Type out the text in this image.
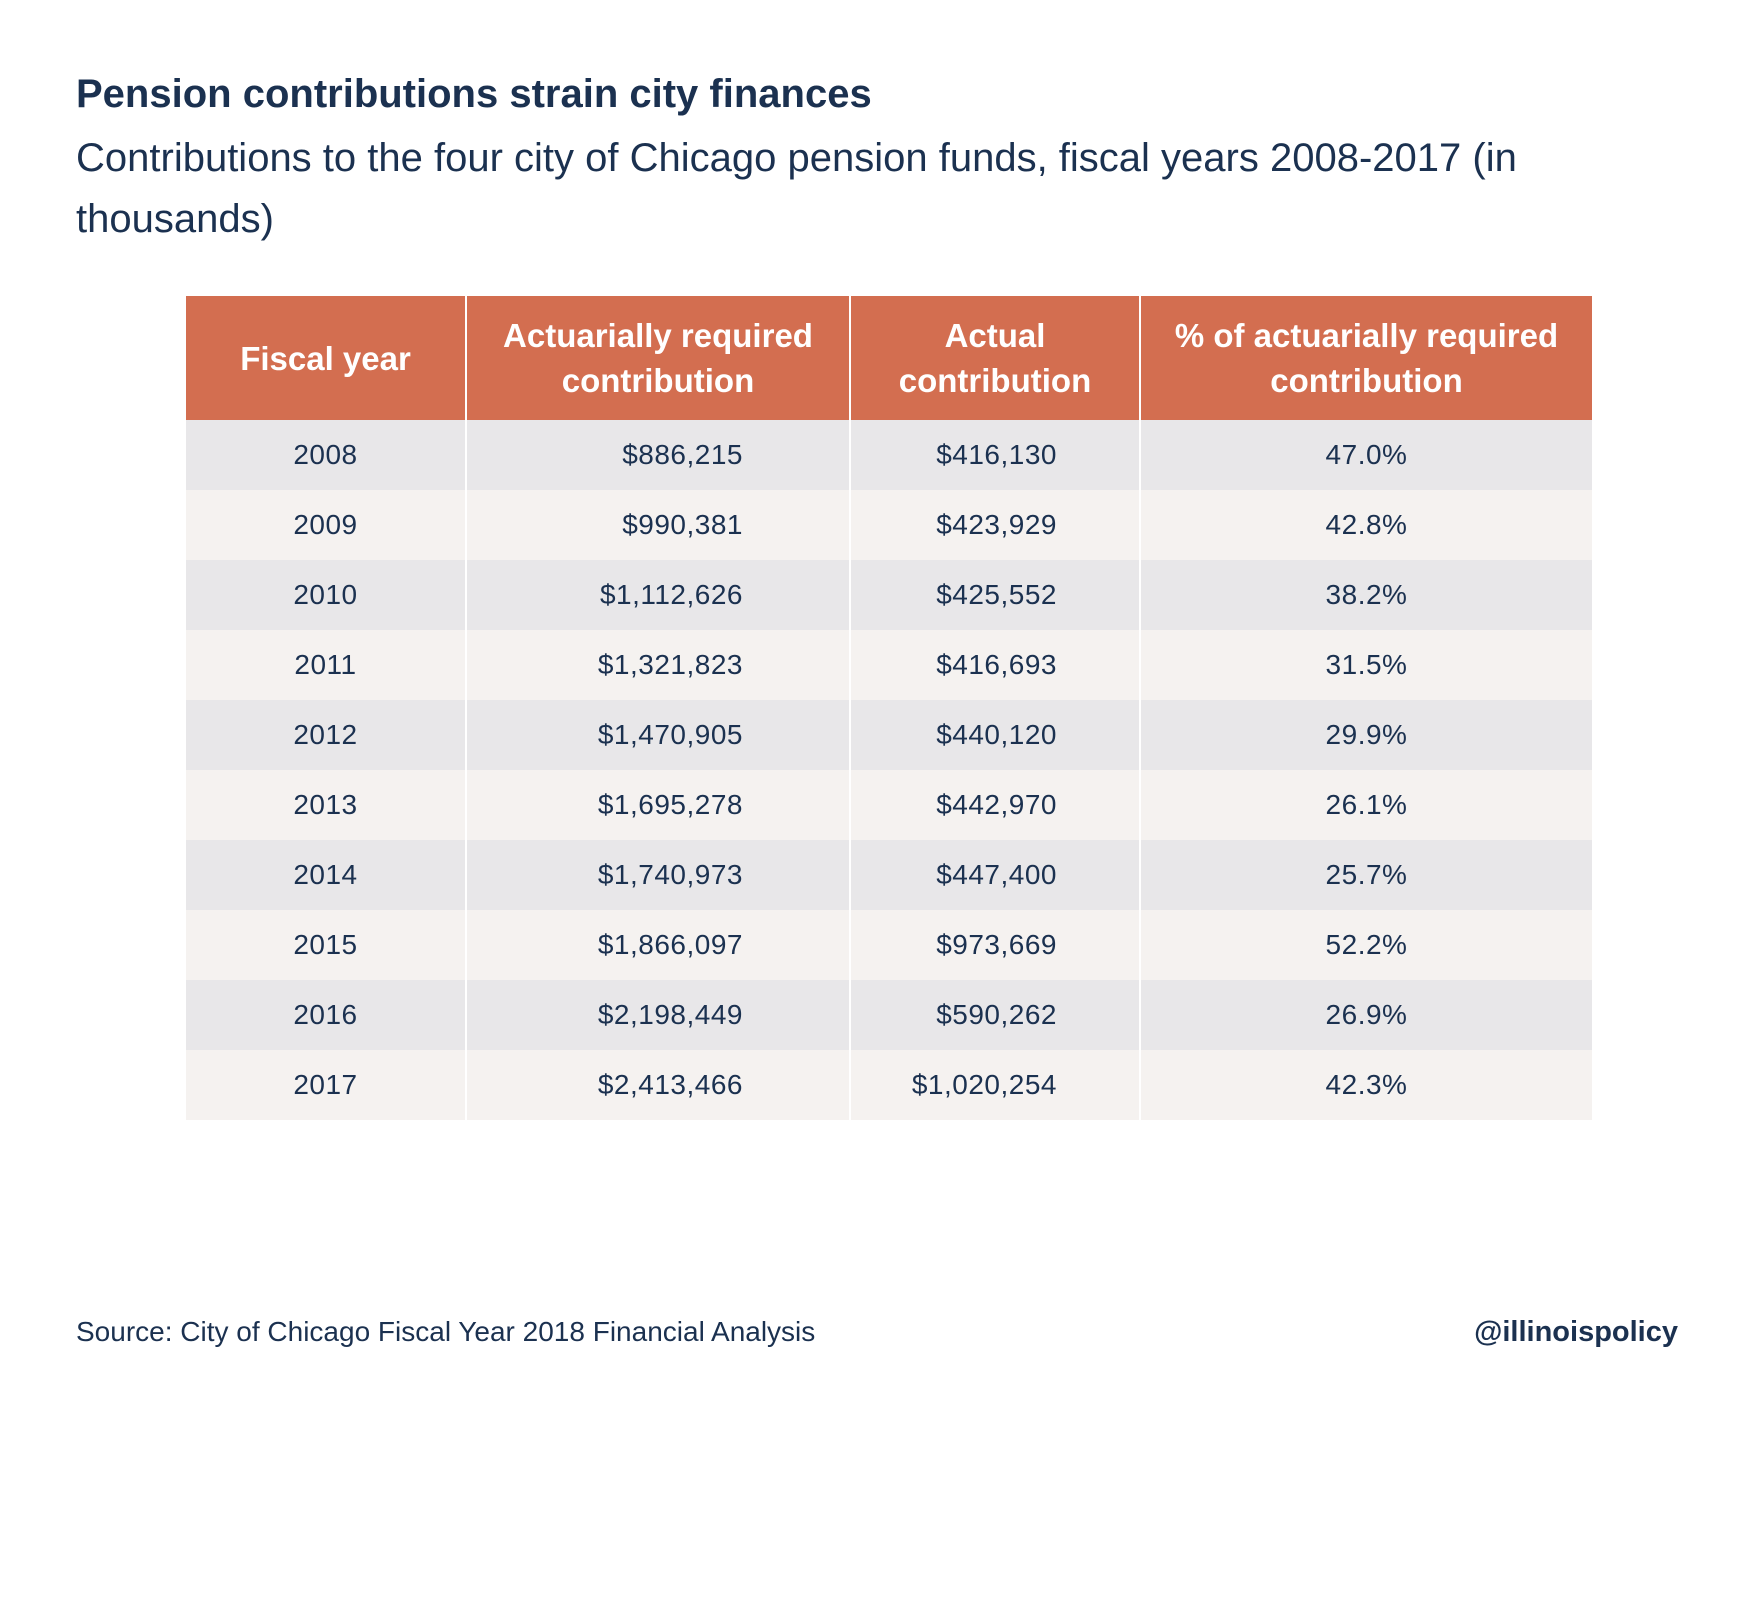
Pension contributions strain city finances

Contributions to the four city of Chicago pension funds, fiscal years 2008-2017 (in thousands)

Fiscal year	Actuarially required contribution	Actual contribution	% of actuarially required contribution
2008	$886,215	$416,130	47.0%
2009	$990,381	$423,929	42.8%
2010	$1,112,626	$425,552	38.2%
2011	$1,321,823	$416,693	31.5%
2012	$1,470,905	$440,120	29.9%
2013	$1,695,278	$442,970	26.1%
2014	$1,740,973	$447,400	25.7%
2015	$1,866,097	$973,669	52.2%
2016	$2,198,449	$590,262	26.9%
2017	$2,413,466	$1,020,254	42.3%

Source: City of Chicago Fiscal Year 2018 Financial Analysis	@illinoispolicy
